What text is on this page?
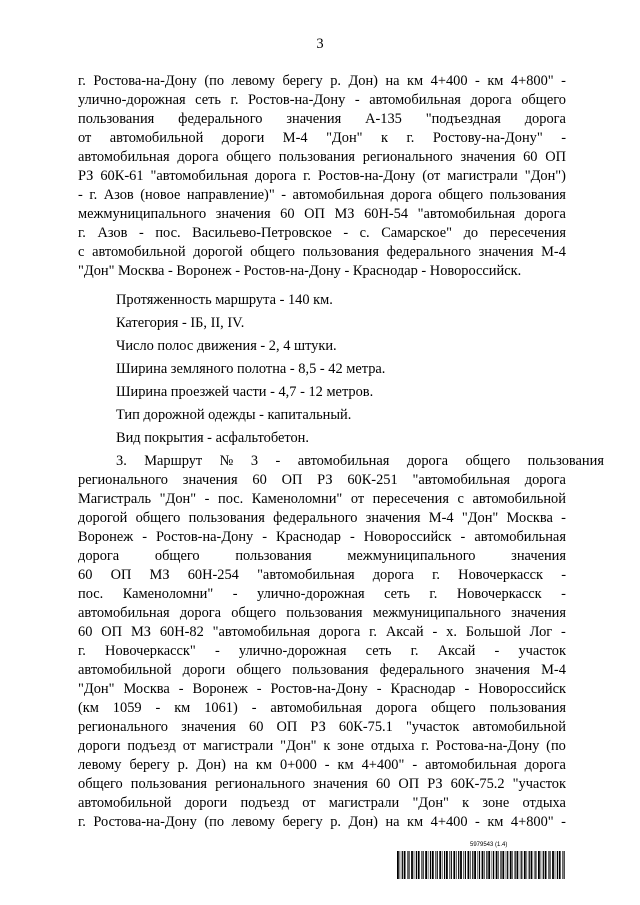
3
г. Ростова-на-Дону (по левому берегу р. Дон) на км 4+400 - км 4+800" -
улично-дорожная сеть г. Ростов-на-Дону - автомобильная дорога общего
пользования федерального значения А-135 "подъездная дорога
от автомобильной дороги М-4 "Дон" к г. Ростову-на-Дону" -
автомобильная дорога общего пользования регионального значения 60 ОП
РЗ 60К-61 "автомобильная дорога г. Ростов-на-Дону (от магистрали "Дон")
- г. Азов (новое направление)" - автомобильная дорога общего пользования
межмуниципального значения 60 ОП МЗ 60Н-54 "автомобильная дорога
г. Азов - пос. Васильево-Петровское - с. Самарское" до пересечения
с автомобильной дорогой общего пользования федерального значения М-4
"Дон" Москва - Воронеж - Ростов-на-Дону - Краснодар - Новороссийск.
Протяженность маршрута - 140 км.
Категория - IБ, II, IV.
Число полос движения - 2, 4 штуки.
Ширина земляного полотна - 8,5 - 42 метра.
Ширина проезжей части - 4,7 - 12 метров.
Тип дорожной одежды - капитальный.
Вид покрытия - асфальтобетон.
3. Маршрут № 3 - автомобильная дорога общего пользования
регионального значения 60 ОП РЗ 60К-251 "автомобильная дорога
Магистраль "Дон" - пос. Каменоломни" от пересечения с автомобильной
дорогой общего пользования федерального значения М-4 "Дон" Москва -
Воронеж - Ростов-на-Дону - Краснодар - Новороссийск - автомобильная
дорога общего пользования межмуниципального значения
60 ОП МЗ 60Н-254 "автомобильная дорога г. Новочеркасск -
пос. Каменоломни" - улично-дорожная сеть г. Новочеркасск -
автомобильная дорога общего пользования межмуниципального значения
60 ОП МЗ 60Н-82 "автомобильная дорога г. Аксай - х. Большой Лог -
г. Новочеркасск" - улично-дорожная сеть г. Аксай - участок
автомобильной дороги общего пользования федерального значения М-4
"Дон" Москва - Воронеж - Ростов-на-Дону - Краснодар - Новороссийск
(км 1059 - км 1061) - автомобильная дорога общего пользования
регионального значения 60 ОП РЗ 60К-75.1 "участок автомобильной
дороги подъезд от магистрали "Дон" к зоне отдыха г. Ростова-на-Дону (по
левому берегу р. Дон) на км 0+000 - км 4+400" - автомобильная дорога
общего пользования регионального значения 60 ОП РЗ 60К-75.2 "участок
автомобильной дороги подъезд от магистрали "Дон" к зоне отдыха
г. Ростова-на-Дону (по левому берегу р. Дон) на км 4+400 - км 4+800" -
5979543 (1.4)
